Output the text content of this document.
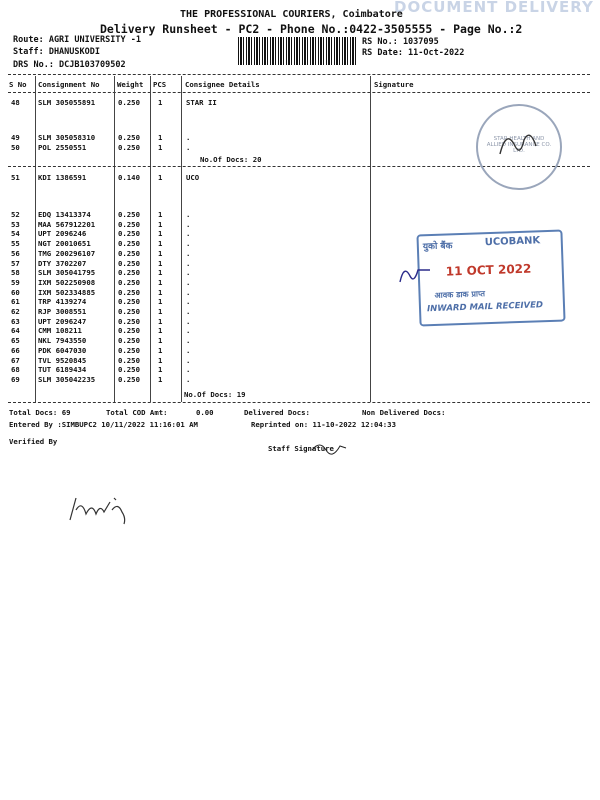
DOCUMENT DELIVERY
THE PROFESSIONAL COURIERS, Coimbatore
Delivery Runsheet - PC2 - Phone No.:0422-3505555 - Page No.:2
Route: AGRI UNIVERSITY -1
Staff: DHANUSKODI
DRS No.: DCJB103709502
RS No.: 1037095
RS Date: 11-Oct-2022
S No Consignment No Weight PCS	Consignee Details	Signature
48 SLM 305055891	0.250 1	STAR II
49 SLM 305058310	0.250 1	.
50 POL 2550551	0.250 1	.
No.Of Docs: 20
51 KDI 1386591	0.140 1	UCO
52 EDQ 13413374	0.250 1	.
53 MAA 567912201	0.250 1	.
54 UPT 2096246	0.250 1	.
55 NGT 20010651	0.250 1	.
56 TMG 200296107	0.250 1	.
57 DTY 3702207	0.250 1	.
58 SLM 305041795	0.250 1	.
59 IXM 502250908	0.250 1	.
60 IXM 502334885	0.250 1	.
61 TRP 4139274	0.250 1	.
62 RJP 3008551	0.250 1	.
63 UPT 2096247	0.250 1	.
64 CMM 108211	0.250 1	.
65 NKL 7943550	0.250 1	.
66 PDK 6047030	0.250 1	.
67 TVL 9520845	0.250 1	.
68 TUT 6189434	0.250 1	.
69 SLM 305042235	0.250 1	.
No.Of Docs: 19
Total Docs: 69	Total COD Amt:	0.00	Delivered Docs:	Non Delivered Docs:
Entered By :SIMBUPC2 10/11/2022 11:16:01 AM	Reprinted on: 11-10-2022 12:04:33
Verified By
Staff Signature
STAR HEALTH AND ALLIED INSURANCE CO. LTD.
युको बैंक	UCOBANK
11 OCT 2022
आवक डाक प्राप्त
INWARD MAIL RECEIVED
